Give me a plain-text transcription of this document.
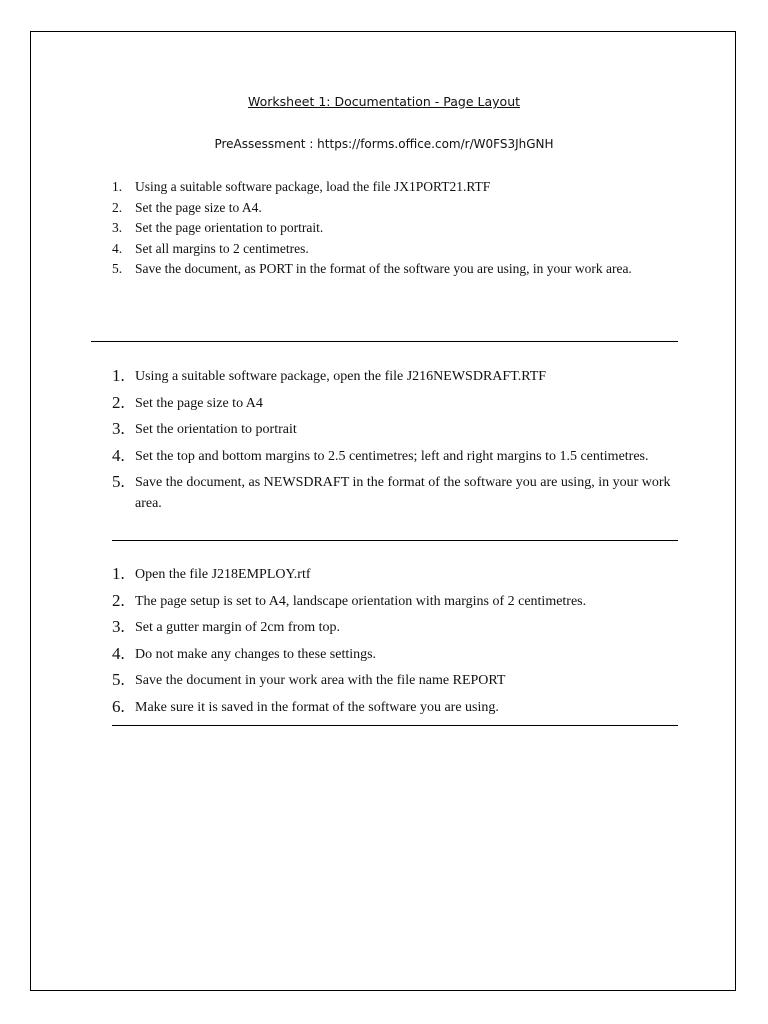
Worksheet 1: Documentation - Page Layout
PreAssessment : https://forms.office.com/r/W0FS3JhGNH
1. Using a suitable software package, load the file JX1PORT21.RTF
2. Set the page size to A4.
3. Set the page orientation to portrait.
4. Set all margins to 2 centimetres.
5. Save the document, as PORT in the format of the software you are using, in your work area.
1. Using a suitable software package, open the file J216NEWSDRAFT.RTF
2. Set the page size to A4
3. Set the orientation to portrait
4. Set the top and bottom margins to 2.5 centimetres; left and right margins to 1.5 centimetres.
5. Save the document, as NEWSDRAFT in the format of the software you are using, in your work area.
1. Open the file J218EMPLOY.rtf
2. The page setup is set to A4, landscape orientation with margins of 2 centimetres.
3. Set a gutter margin of 2cm from top.
4. Do not make any changes to these settings.
5. Save the document in your work area with the file name REPORT
6. Make sure it is saved in the format of the software you are using.
